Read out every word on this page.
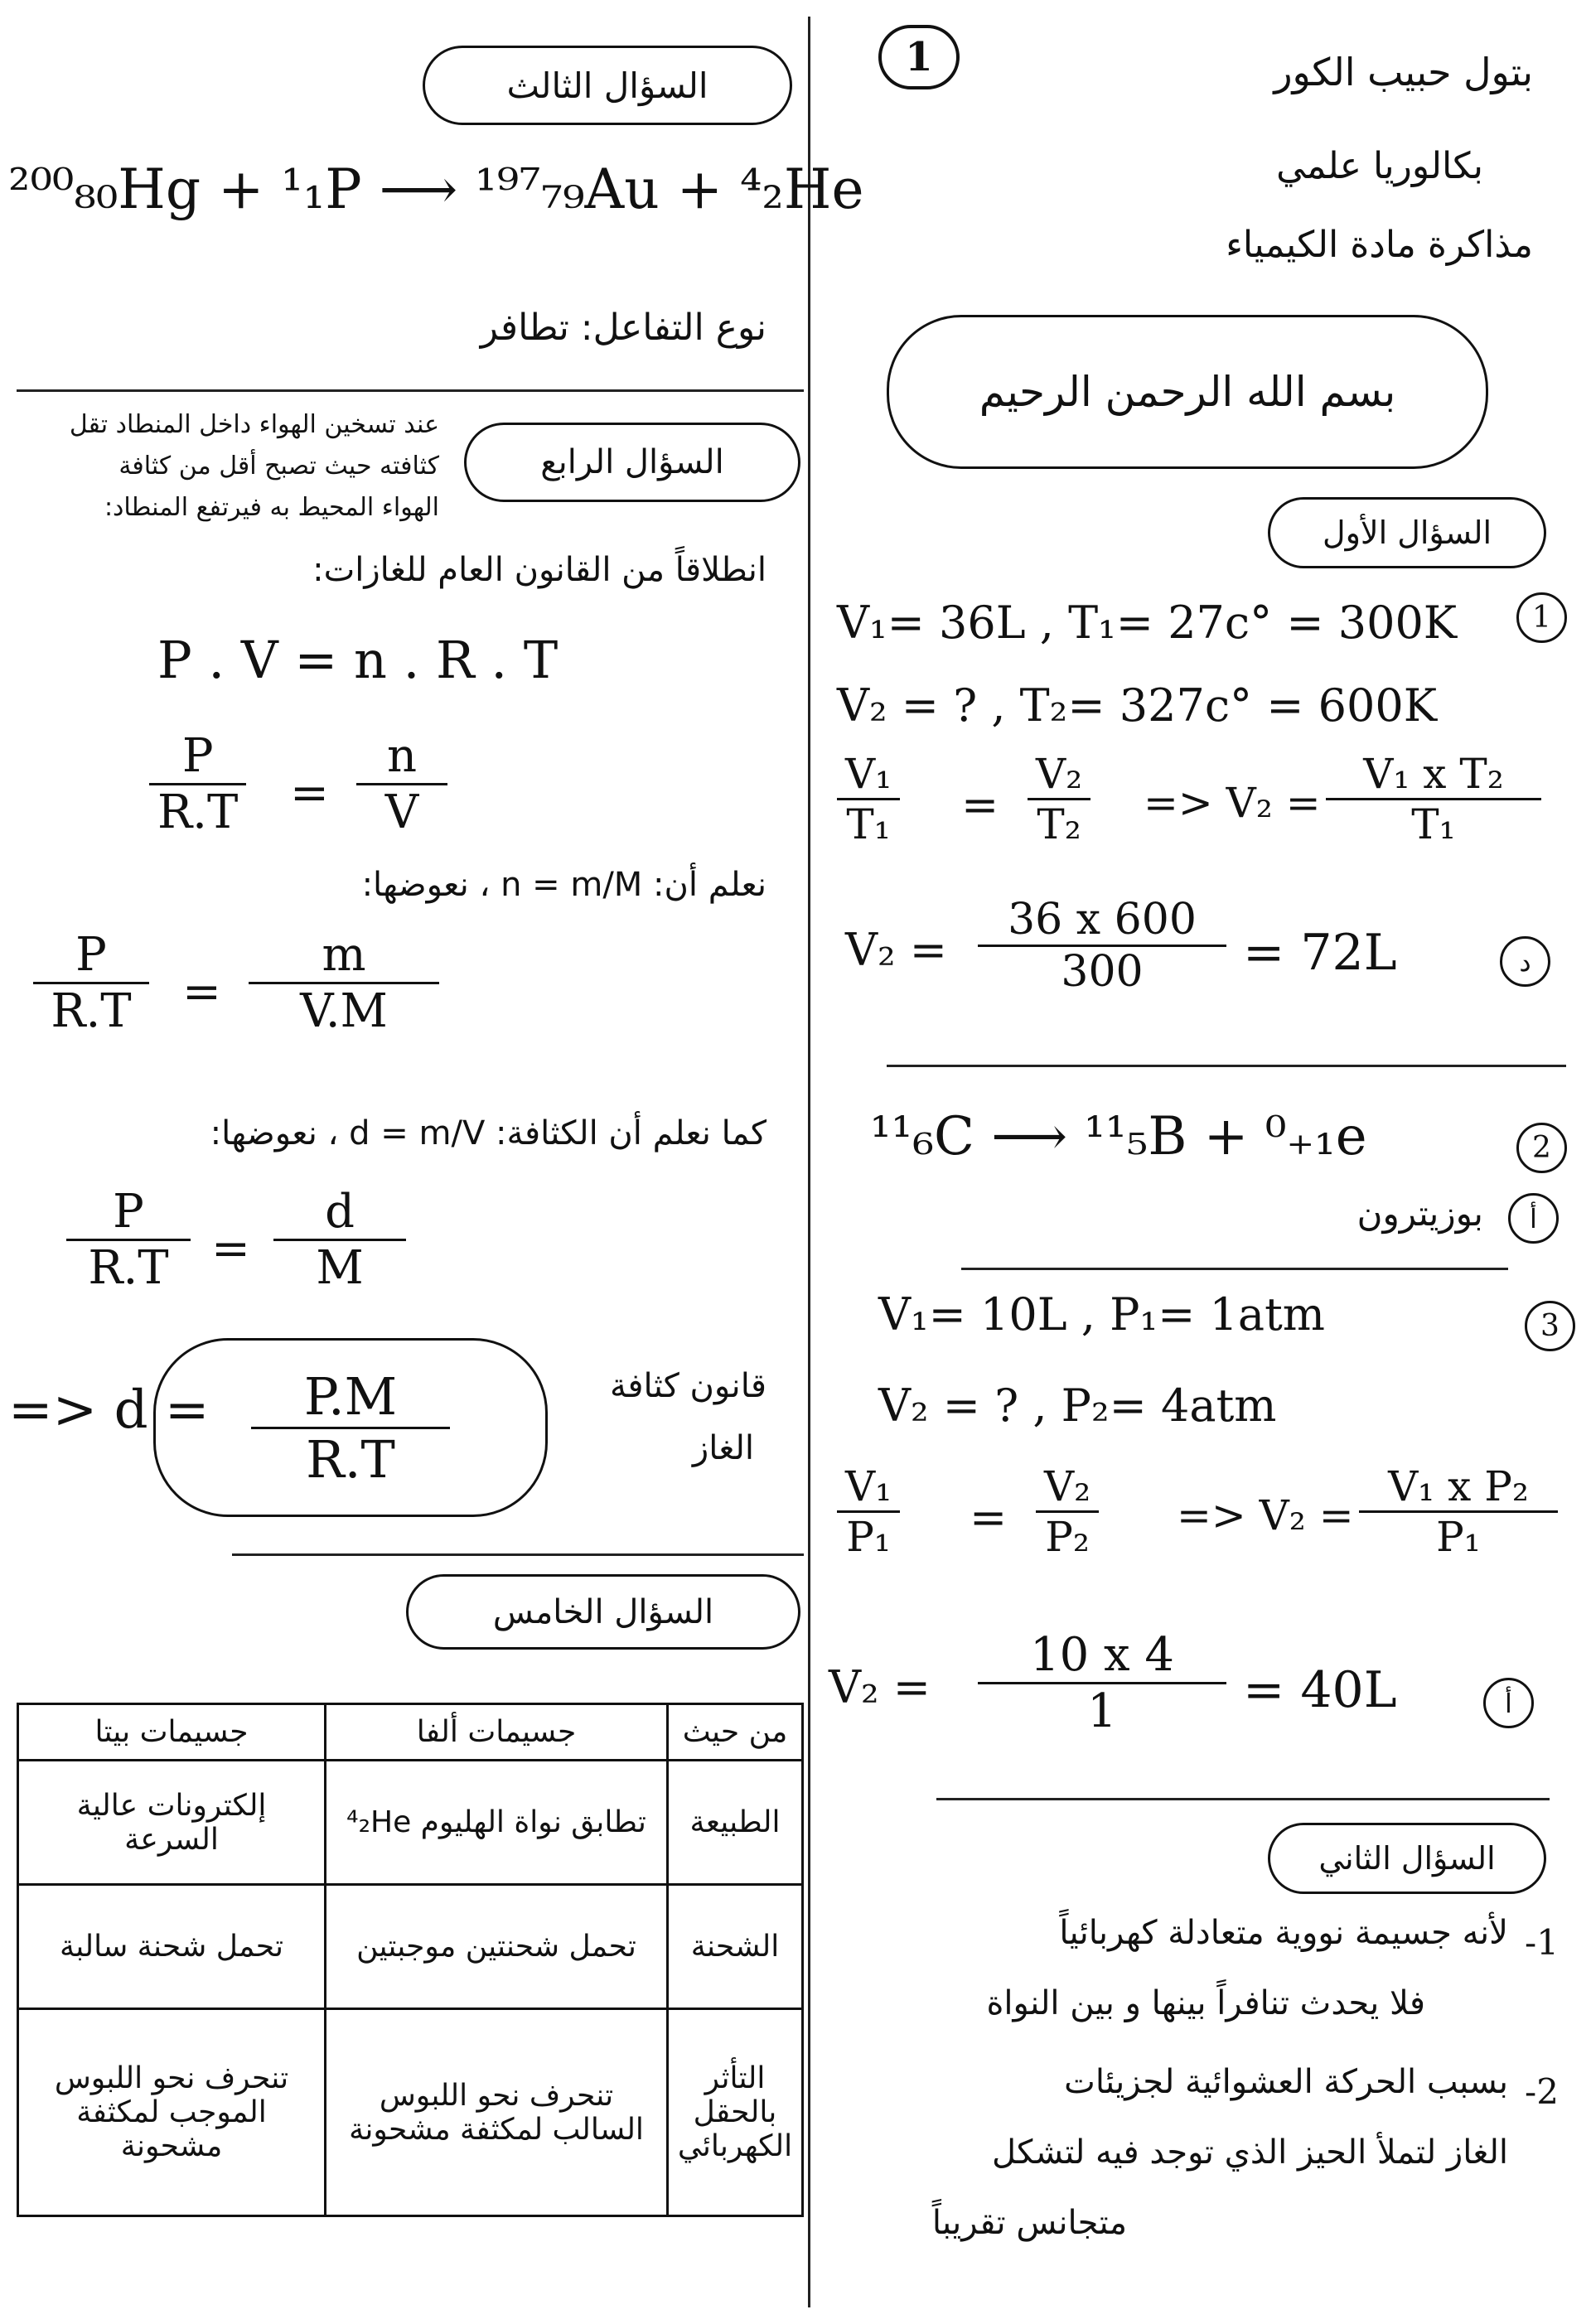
بتول حبيب الكور
بكالوريا علمي
مذاكرة مادة الكيمياء
1
بسم الله الرحمن الرحيم
السؤال الأول
1
V₁= 36L , T₁= 27c° = 300K
V₂ = ? , T₂= 327c° = 600K
V₁
T₁ =
V₂
T₂ => V₂ =
V₁ x T₂
T₁
V₂ =
36 x 600
300 = 72L	د
2
¹¹₆C ⟶ ¹¹₅B + ⁰₊₁e
أ
بوزيترون
3
V₁= 10L , P₁= 1atm
V₂ = ? , P₂= 4atm
V₁
P₁ =
V₂
P₂ => V₂ =
V₁ x P₂
P₁
V₂ =
10 x 4
1	= 40L	أ
السؤال الثاني
-1
لأنه جسيمة نووية متعادلة كهربائياً
فلا يحدث تنافراً بينها و بين النواة
-2
بسبب الحركة العشوائية لجزيئات
الغاز لتملأ الحيز الذي توجد فيه لتشكل
متجانس تقريباً
السؤال الثالث
²⁰⁰₈₀Hg + ¹₁P ⟶ ¹⁹⁷₇₉Au + ⁴₂He
نوع التفاعل: تطافر
السؤال الرابع
عند تسخين الهواء داخل المنطاد تقل
كثافته حيث تصبح أقل من كثافة
الهواء المحيط به فيرتفع المنطاد:
انطلاقاً من القانون العام للغازات:
P . V = n . R . T
P
R.T =
n
V
نعلم أن: n = m/M ، نعوضها:
P
R.T =
m
V.M
كما نعلم أن الكثافة: d = m/V ، نعوضها:
P
R.T =
d
M
=> $d = \frac{P.M}{R.T}$	قانون كثافة
الغاز
السؤال الخامس
من حيث	جسيمات ألفا	جسيمات بيتا
الطبيعة	تطابق نواة الهليوم ⁴₂He	إلكترونات عالية السرعة
الشحنة	تحمل شحنتين موجبتين	تحمل شحنة سالبة
التأثر بالحقل الكهربائي	تنحرف نحو اللبوس السالب لمكثفة مشحونة	تنحرف نحو اللبوس الموجب لمكثفة مشحونة
